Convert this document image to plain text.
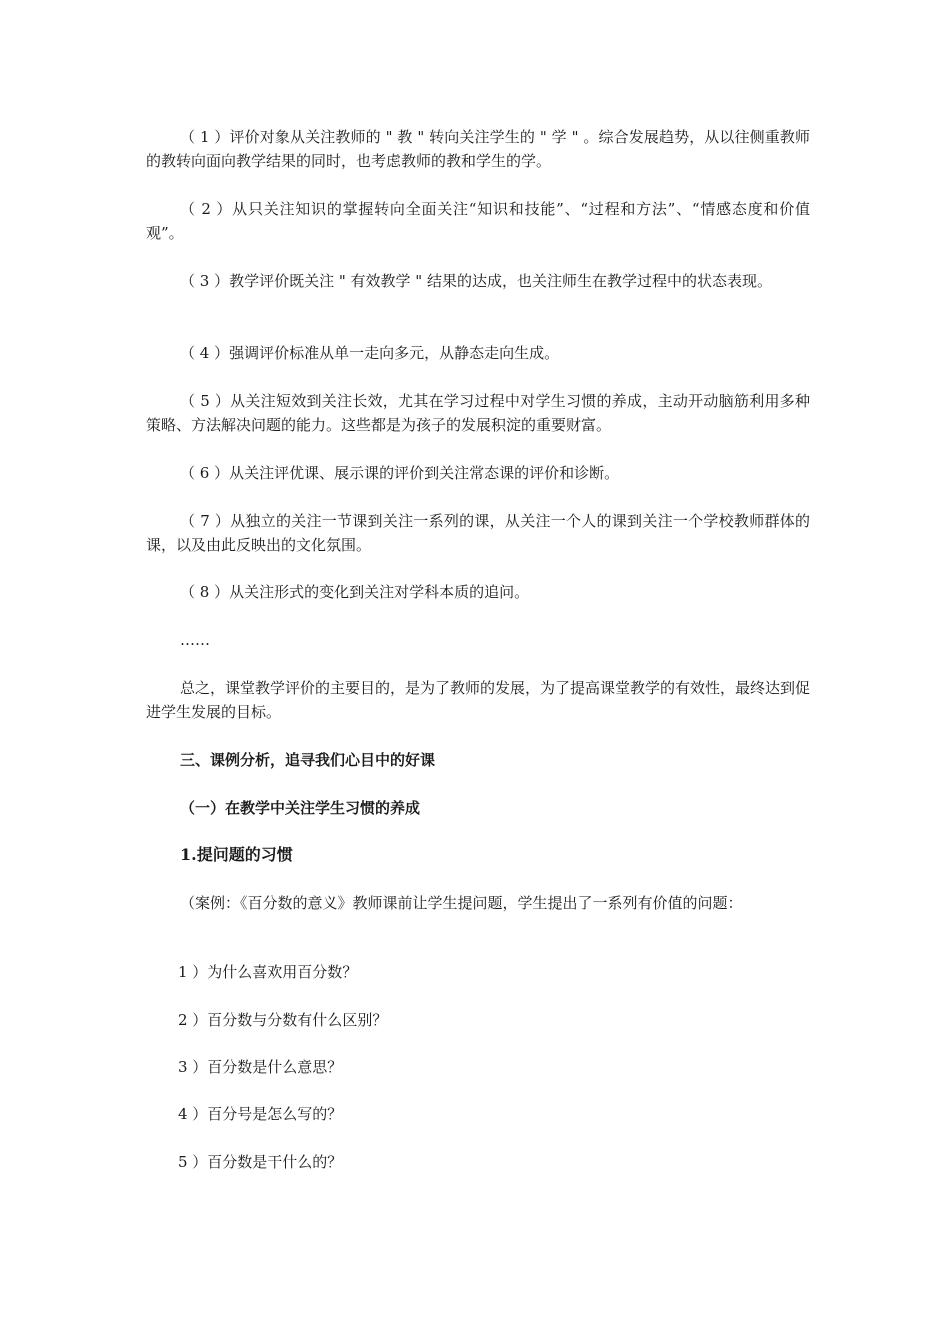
（ 1 ）评价对象从关注教师的 " 教 " 转向关注学生的 " 学 " 。综合发展趋势，从以往侧重教师的教转向面向教学结果的同时，也考虑教师的教和学生的学。

（ 2 ）从只关注知识的掌握转向全面关注“知识和技能”、“过程和方法”、“情感态度和价值观”。

（ 3 ）教学评价既关注 " 有效教学 " 结果的达成，也关注师生在教学过程中的状态表现。

（ 4 ）强调评价标准从单一走向多元，从静态走向生成。

（ 5 ）从关注短效到关注长效，尤其在学习过程中对学生习惯的养成，主动开动脑筋利用多种策略、方法解决问题的能力。这些都是为孩子的发展积淀的重要财富。

（ 6 ）从关注评优课、展示课的评价到关注常态课的评价和诊断。

（ 7 ）从独立的关注一节课到关注一系列的课，从关注一个人的课到关注一个学校教师群体的课，以及由此反映出的文化氛围。

（ 8 ）从关注形式的变化到关注对学科本质的追问。

……

总之，课堂教学评价的主要目的，是为了教师的发展，为了提高课堂教学的有效性，最终达到促进学生发展的目标。

三、课例分析，追寻我们心目中的好课

（一）在教学中关注学生习惯的养成

1.提问题的习惯

（案例：《百分数的意义》教师课前让学生提问题，学生提出了一系列有价值的问题：

1 ）为什么喜欢用百分数？

2 ）百分数与分数有什么区别？

3 ）百分数是什么意思？

4 ）百分号是怎么写的？

5 ）百分数是干什么的？
